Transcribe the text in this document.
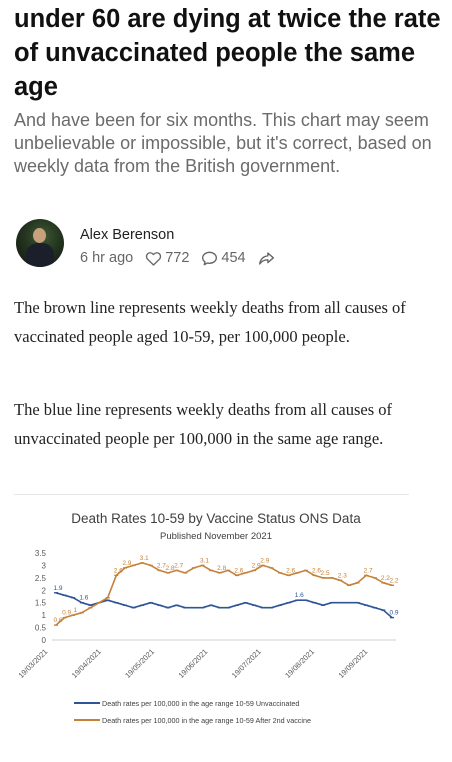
under 60 are dying at twice the rate of unvaccinated people the same age

And have been for six months. This chart may seem unbelievable or impossible, but it's correct, based on weekly data from the British government.

Alex Berenson
6 hr ago 772 454

The brown line represents weekly deaths from all causes of vaccinated people aged 10-59, per 100,000 people.

The blue line represents weekly deaths from all causes of unvaccinated people per 100,000 in the same age range.

Death Rates 10-59 by Vaccine Status ONS Data
Published November 2021
0
0.5
1
1.5
2
2.5
3
3.5
19/03/2021	19/04/2021	19/05/2021	19/06/2021	19/07/2021	19/08/2021	19/09/2021
1.9
1.6	1.6
0.9
0.6
0.9 1
2.6
2.9
3.1
2.7 2.8 2.7
3.1
2.8 2.6
2.9
2.9
2.6	2.6 2.5 2.3
2.7
2.2 2.2
Death rates per 100,000 in the age range 10-59 Unvaccinated
Death rates per 100,000 in the age range 10-59 After 2nd vaccine
